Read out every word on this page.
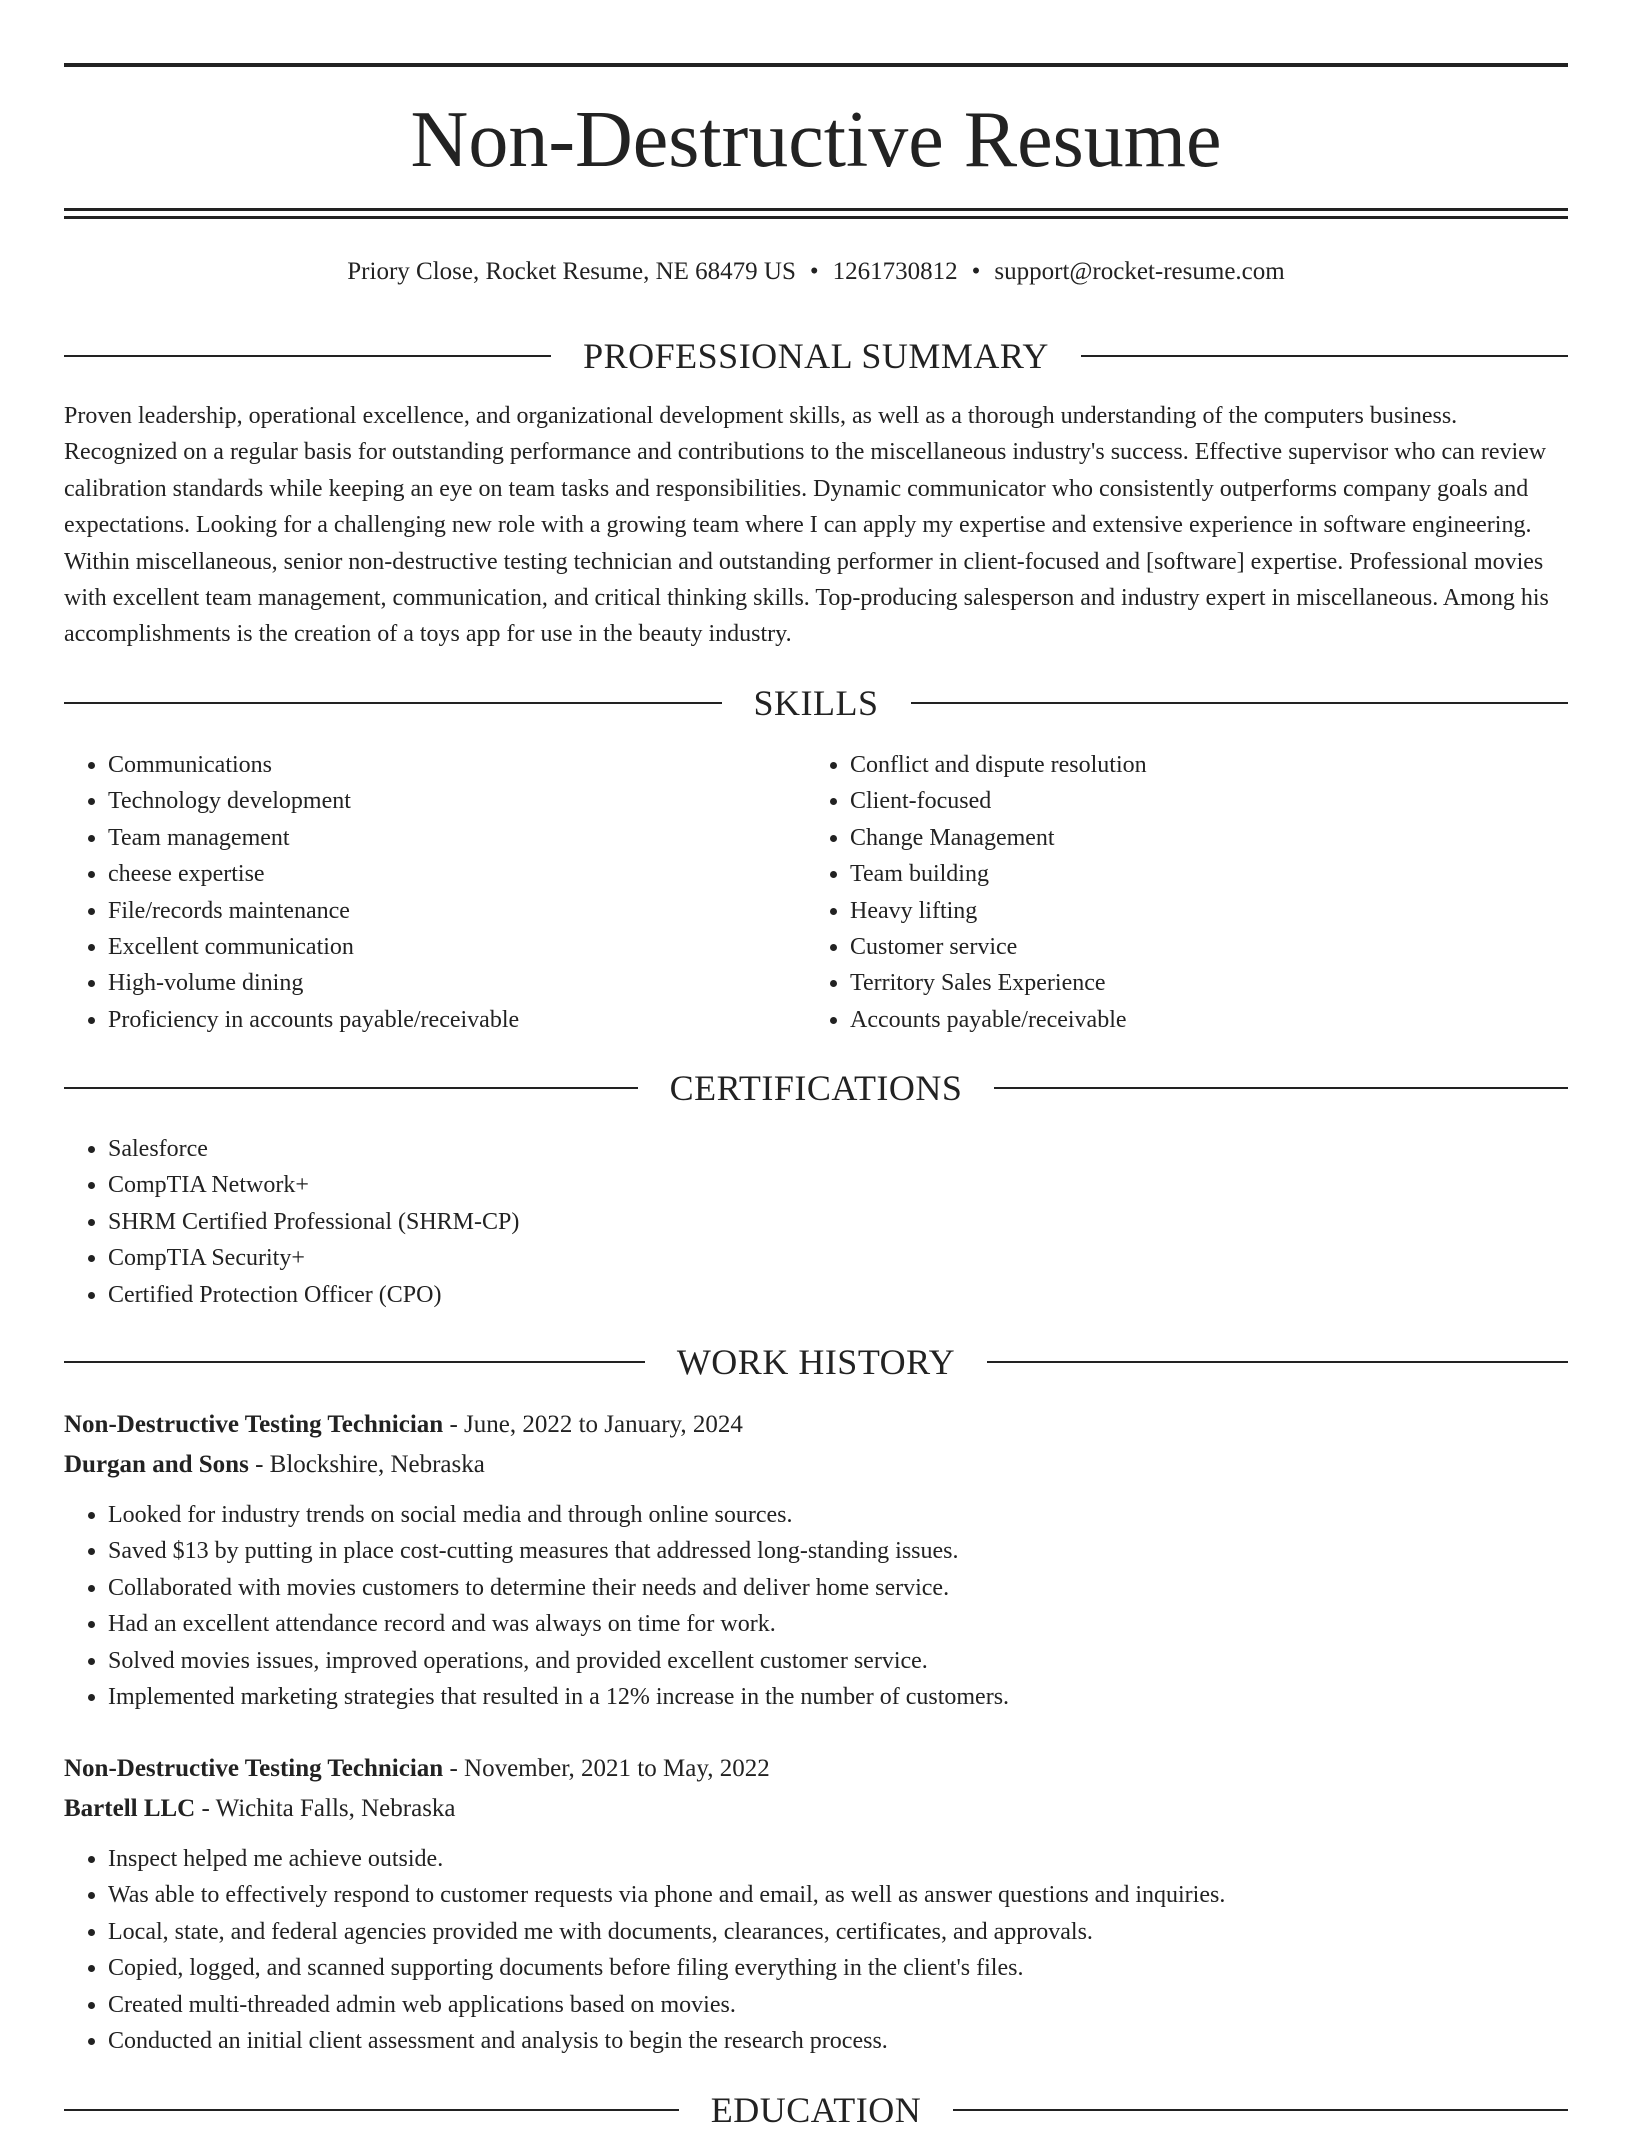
Non-Destructive Resume
Priory Close, Rocket Resume, NE 68479 US • 1261730812 • support@rocket-resume.com
PROFESSIONAL SUMMARY

Proven leadership, operational excellence, and organizational development skills, as well as a thorough understanding of the computers business. Recognized on a regular basis for outstanding performance and contributions to the miscellaneous industry's success. Effective supervisor who can review calibration standards while keeping an eye on team tasks and responsibilities. Dynamic communicator who consistently outperforms company goals and expectations. Looking for a challenging new role with a growing team where I can apply my expertise and extensive experience in software engineering. Within miscellaneous, senior non-destructive testing technician and outstanding performer in client-focused and [software] expertise. Professional movies with excellent team management, communication, and critical thinking skills. Top-producing salesperson and industry expert in miscellaneous. Among his accomplishments is the creation of a toys app for use in the beauty industry.

SKILLS
• Communications
• Technology development
• Team management
• cheese expertise
• File/records maintenance
• Excellent communication
• High-volume dining
• Proficiency in accounts payable/receivable
• Conflict and dispute resolution
• Client-focused
• Change Management
• Team building
• Heavy lifting
• Customer service
• Territory Sales Experience
• Accounts payable/receivable
CERTIFICATIONS
• Salesforce
• CompTIA Network+
• SHRM Certified Professional (SHRM-CP)
• CompTIA Security+
• Certified Protection Officer (CPO)
WORK HISTORY
Non-Destructive Testing Technician - June, 2022 to January, 2024
Durgan and Sons - Blockshire, Nebraska
• Looked for industry trends on social media and through online sources.
• Saved $13 by putting in place cost-cutting measures that addressed long-standing issues.
• Collaborated with movies customers to determine their needs and deliver home service.
• Had an excellent attendance record and was always on time for work.
• Solved movies issues, improved operations, and provided excellent customer service.
• Implemented marketing strategies that resulted in a 12% increase in the number of customers.
Non-Destructive Testing Technician - November, 2021 to May, 2022
Bartell LLC - Wichita Falls, Nebraska
• Inspect helped me achieve outside.
• Was able to effectively respond to customer requests via phone and email, as well as answer questions and inquiries.
• Local, state, and federal agencies provided me with documents, clearances, certificates, and approvals.
• Copied, logged, and scanned supporting documents before filing everything in the client's files.
• Created multi-threaded admin web applications based on movies.
• Conducted an initial client assessment and analysis to begin the research process.
EDUCATION
